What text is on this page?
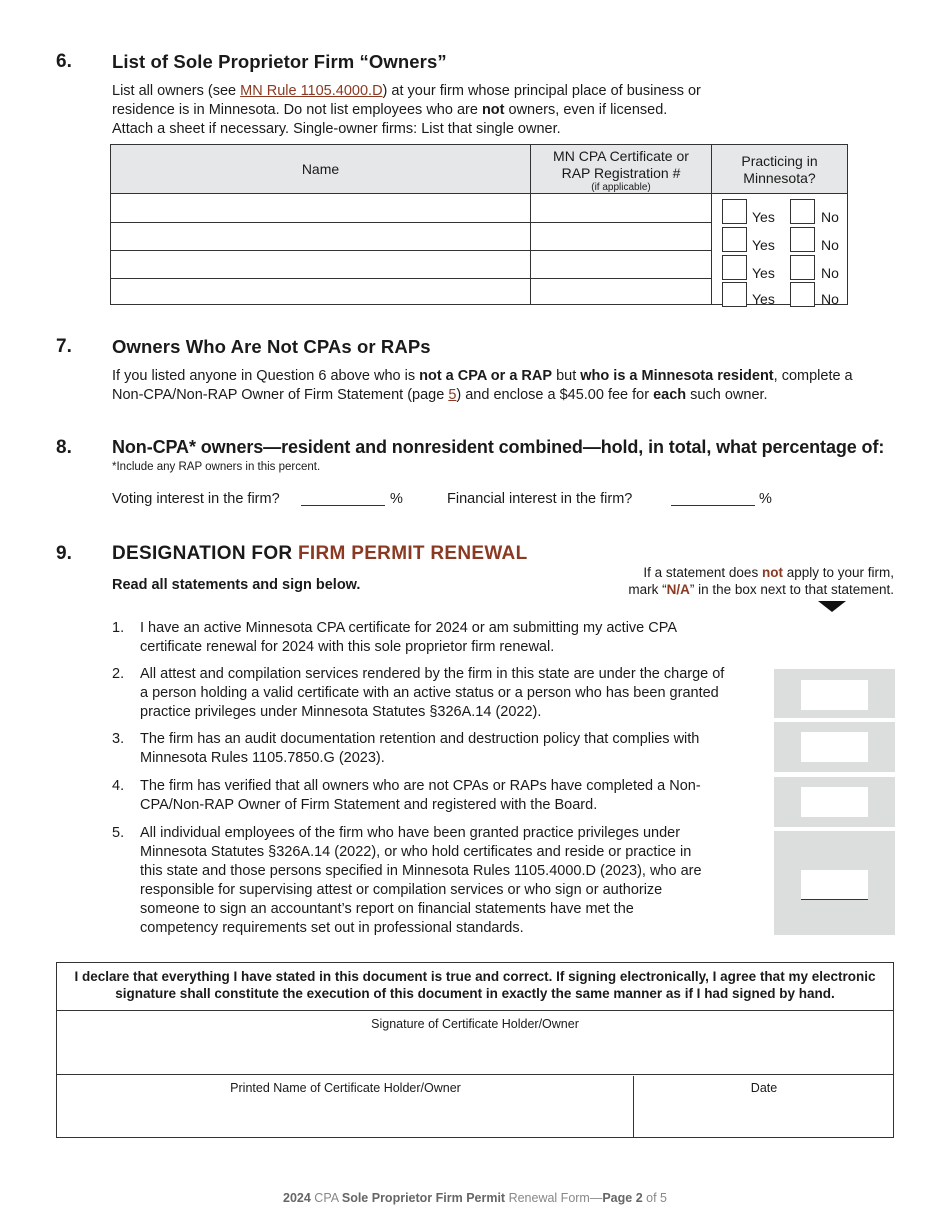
6. List of Sole Proprietor Firm “Owners”
List all owners (see MN Rule 1105.4000.D) at your firm whose principal place of business or
residence is in Minnesota. Do not list employees who are not owners, even if licensed.
Attach a sheet if necessary. Single-owner firms: List that single owner.
Name
MN CPA Certificate or
RAP Registration #
(if applicable)
Practicing in
Minnesota?
Yes	No
Yes	No
Yes	No
Yes	No
7. Owners Who Are Not CPAs or RAPs
If you listed anyone in Question 6 above who is not a CPA or a RAP but who is a Minnesota resident, complete a
Non-CPA/Non-RAP Owner of Firm Statement (page 5) and enclose a $45.00 fee for each such owner.
8. Non-CPA* owners—resident and nonresident combined—hold, in total, what percentage of:
*Include any RAP owners in this percent.
Voting interest in the firm?	%	Financial interest in the firm?	%
9. DESIGNATION FOR FIRM PERMIT RENEWAL
Read all statements and sign below.
If a statement does not apply to your firm,
mark “N/A” in the box next to that statement.
1. I have an active Minnesota CPA certificate for 2024 or am submitting my active CPA certificate renewal for 2024 with this sole proprietor firm renewal.
2. All attest and compilation services rendered by the firm in this state are under the charge of a person holding a valid certificate with an active status or a person who has been granted practice privileges under Minnesota Statutes §326A.14 (2022).
3. The firm has an audit documentation retention and destruction policy that complies with Minnesota Rules 1105.7850.G (2023).
4. The firm has verified that all owners who are not CPAs or RAPs have completed a Non-CPA/Non-RAP Owner of Firm Statement and registered with the Board.
5. All individual employees of the firm who have been granted practice privileges under Minnesota Statutes §326A.14 (2022), or who hold certificates and reside or practice in this state and those persons specified in Minnesota Rules 1105.4000.D (2023), who are responsible for supervising attest or compilation services or who sign or authorize someone to sign an accountant’s report on financial statements have met the competency requirements set out in professional standards.
I declare that everything I have stated in this document is true and correct. If signing electronically, I agree that my electronic signature shall constitute the execution of this document in exactly the same manner as if I had signed by hand.
Signature of Certificate Holder/Owner
Printed Name of Certificate Holder/Owner	Date
2024 CPA Sole Proprietor Firm Permit Renewal Form—Page 2 of 5
